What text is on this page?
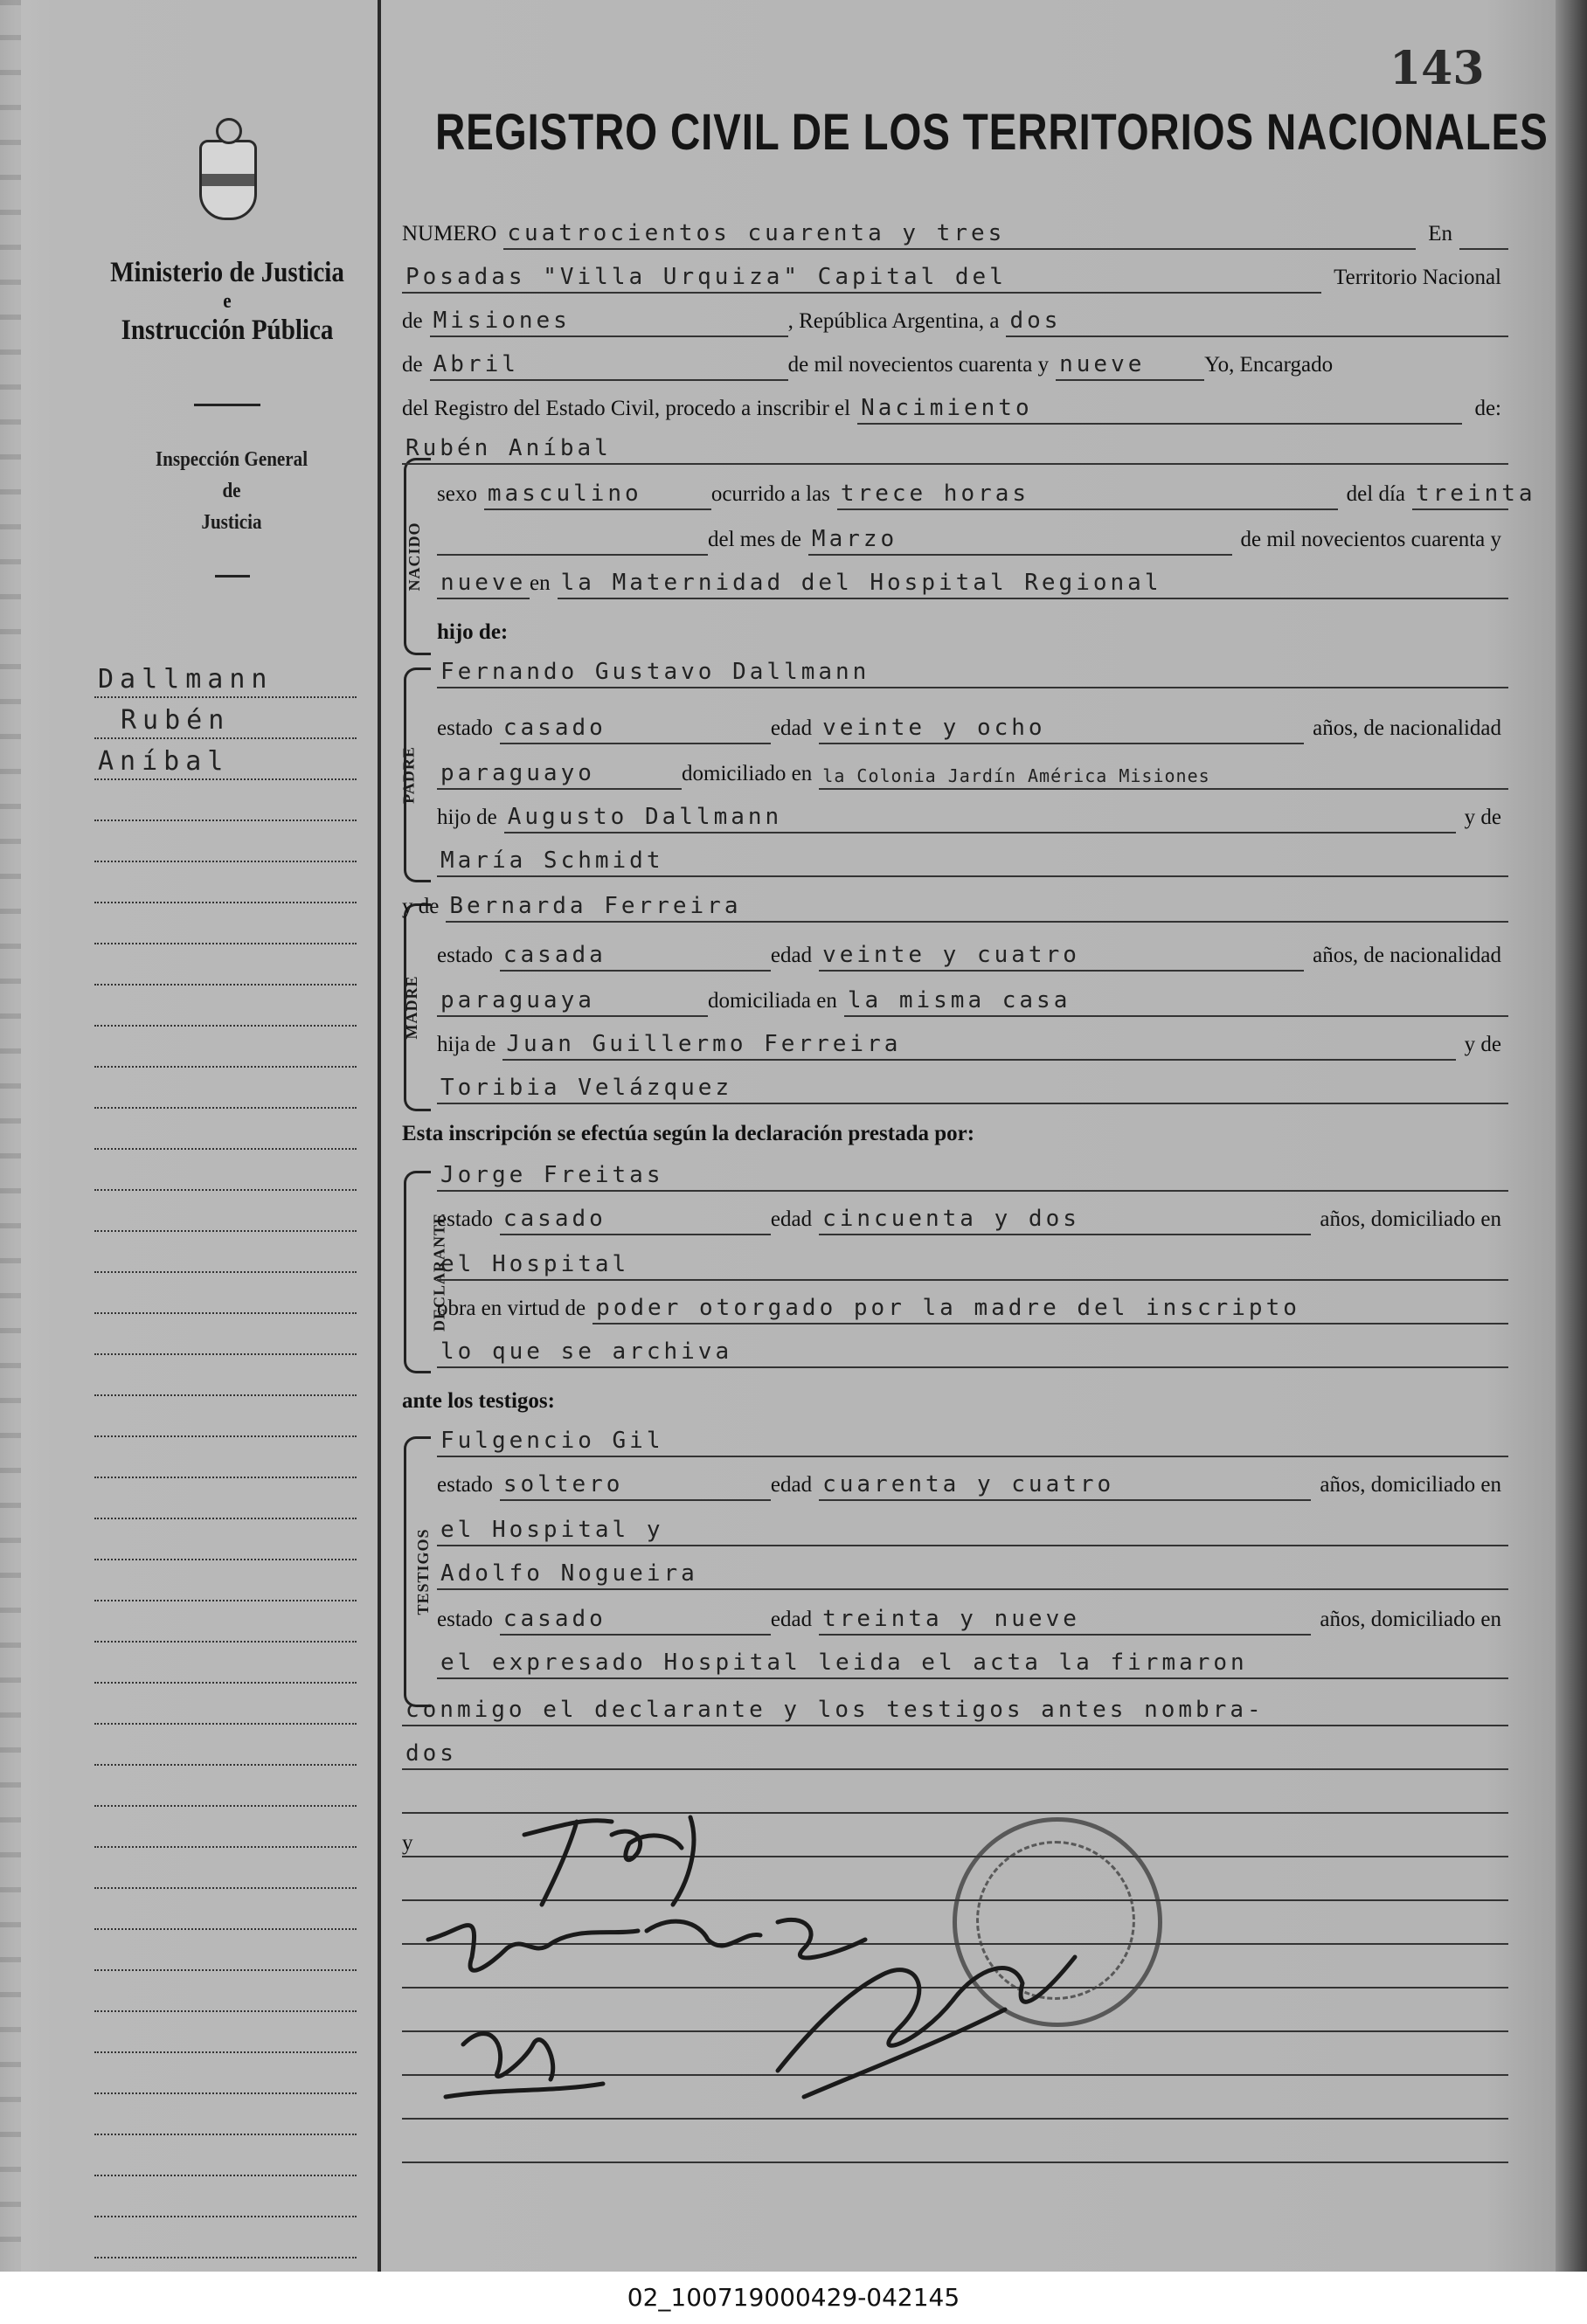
143
REGISTRO CIVIL DE LOS TERRITORIOS NACIONALES
Ministerio de Justicia
e
Instrucción Pública
Inspección General
de
Justicia
Dallmann
Rubén
Aníbal
NUMERO cuatrocientos cuarenta y tres	En
Posadas "Villa Urquiza" Capital del	Territorio Nacional
de Misiones	, República Argentina, a dos
de Abril	de mil novecientos cuarenta y nueve	Yo, Encargado
del Registro del Estado Civil, procedo a inscribir el Nacimiento	de:
NACIDO
Rubén Aníbal
sexo masculino	ocurrido a las trece horas	del día treinta
del mes de Marzo	de mil novecientos cuarenta y
nueve en la Maternidad del Hospital Regional
hijo de:
PADRE
Fernando Gustavo Dallmann
estado casado	edad veinte y ocho	años, de nacionalidad
paraguayo	domiciliado en la Colonia Jardín América Misiones
hijo de Augusto Dallmann	y de
María Schmidt
MADRE
y de Bernarda Ferreira
estado casada	edad veinte y cuatro	años, de nacionalidad
paraguaya	domiciliada en la misma casa
hija de Juan Guillermo Ferreira	y de
Toribia Velázquez
Esta inscripción se efectúa según la declaración prestada por:
DECLARANTE
Jorge Freitas
estado casado	edad cincuenta y dos	años, domiciliado en
el Hospital
obra en virtud de poder otorgado por la madre del inscripto
lo que se archiva
ante los testigos:
TESTIGOS
Fulgencio Gil
estado soltero	edad cuarenta y cuatro	años, domiciliado en
el Hospital y
Adolfo Nogueira
estado casado	edad treinta y nueve	años, domiciliado en
el expresado Hospital leida el acta la firmaron
conmigo el declarante y los testigos antes nombra-
dos
y
02_100719000429-042145
